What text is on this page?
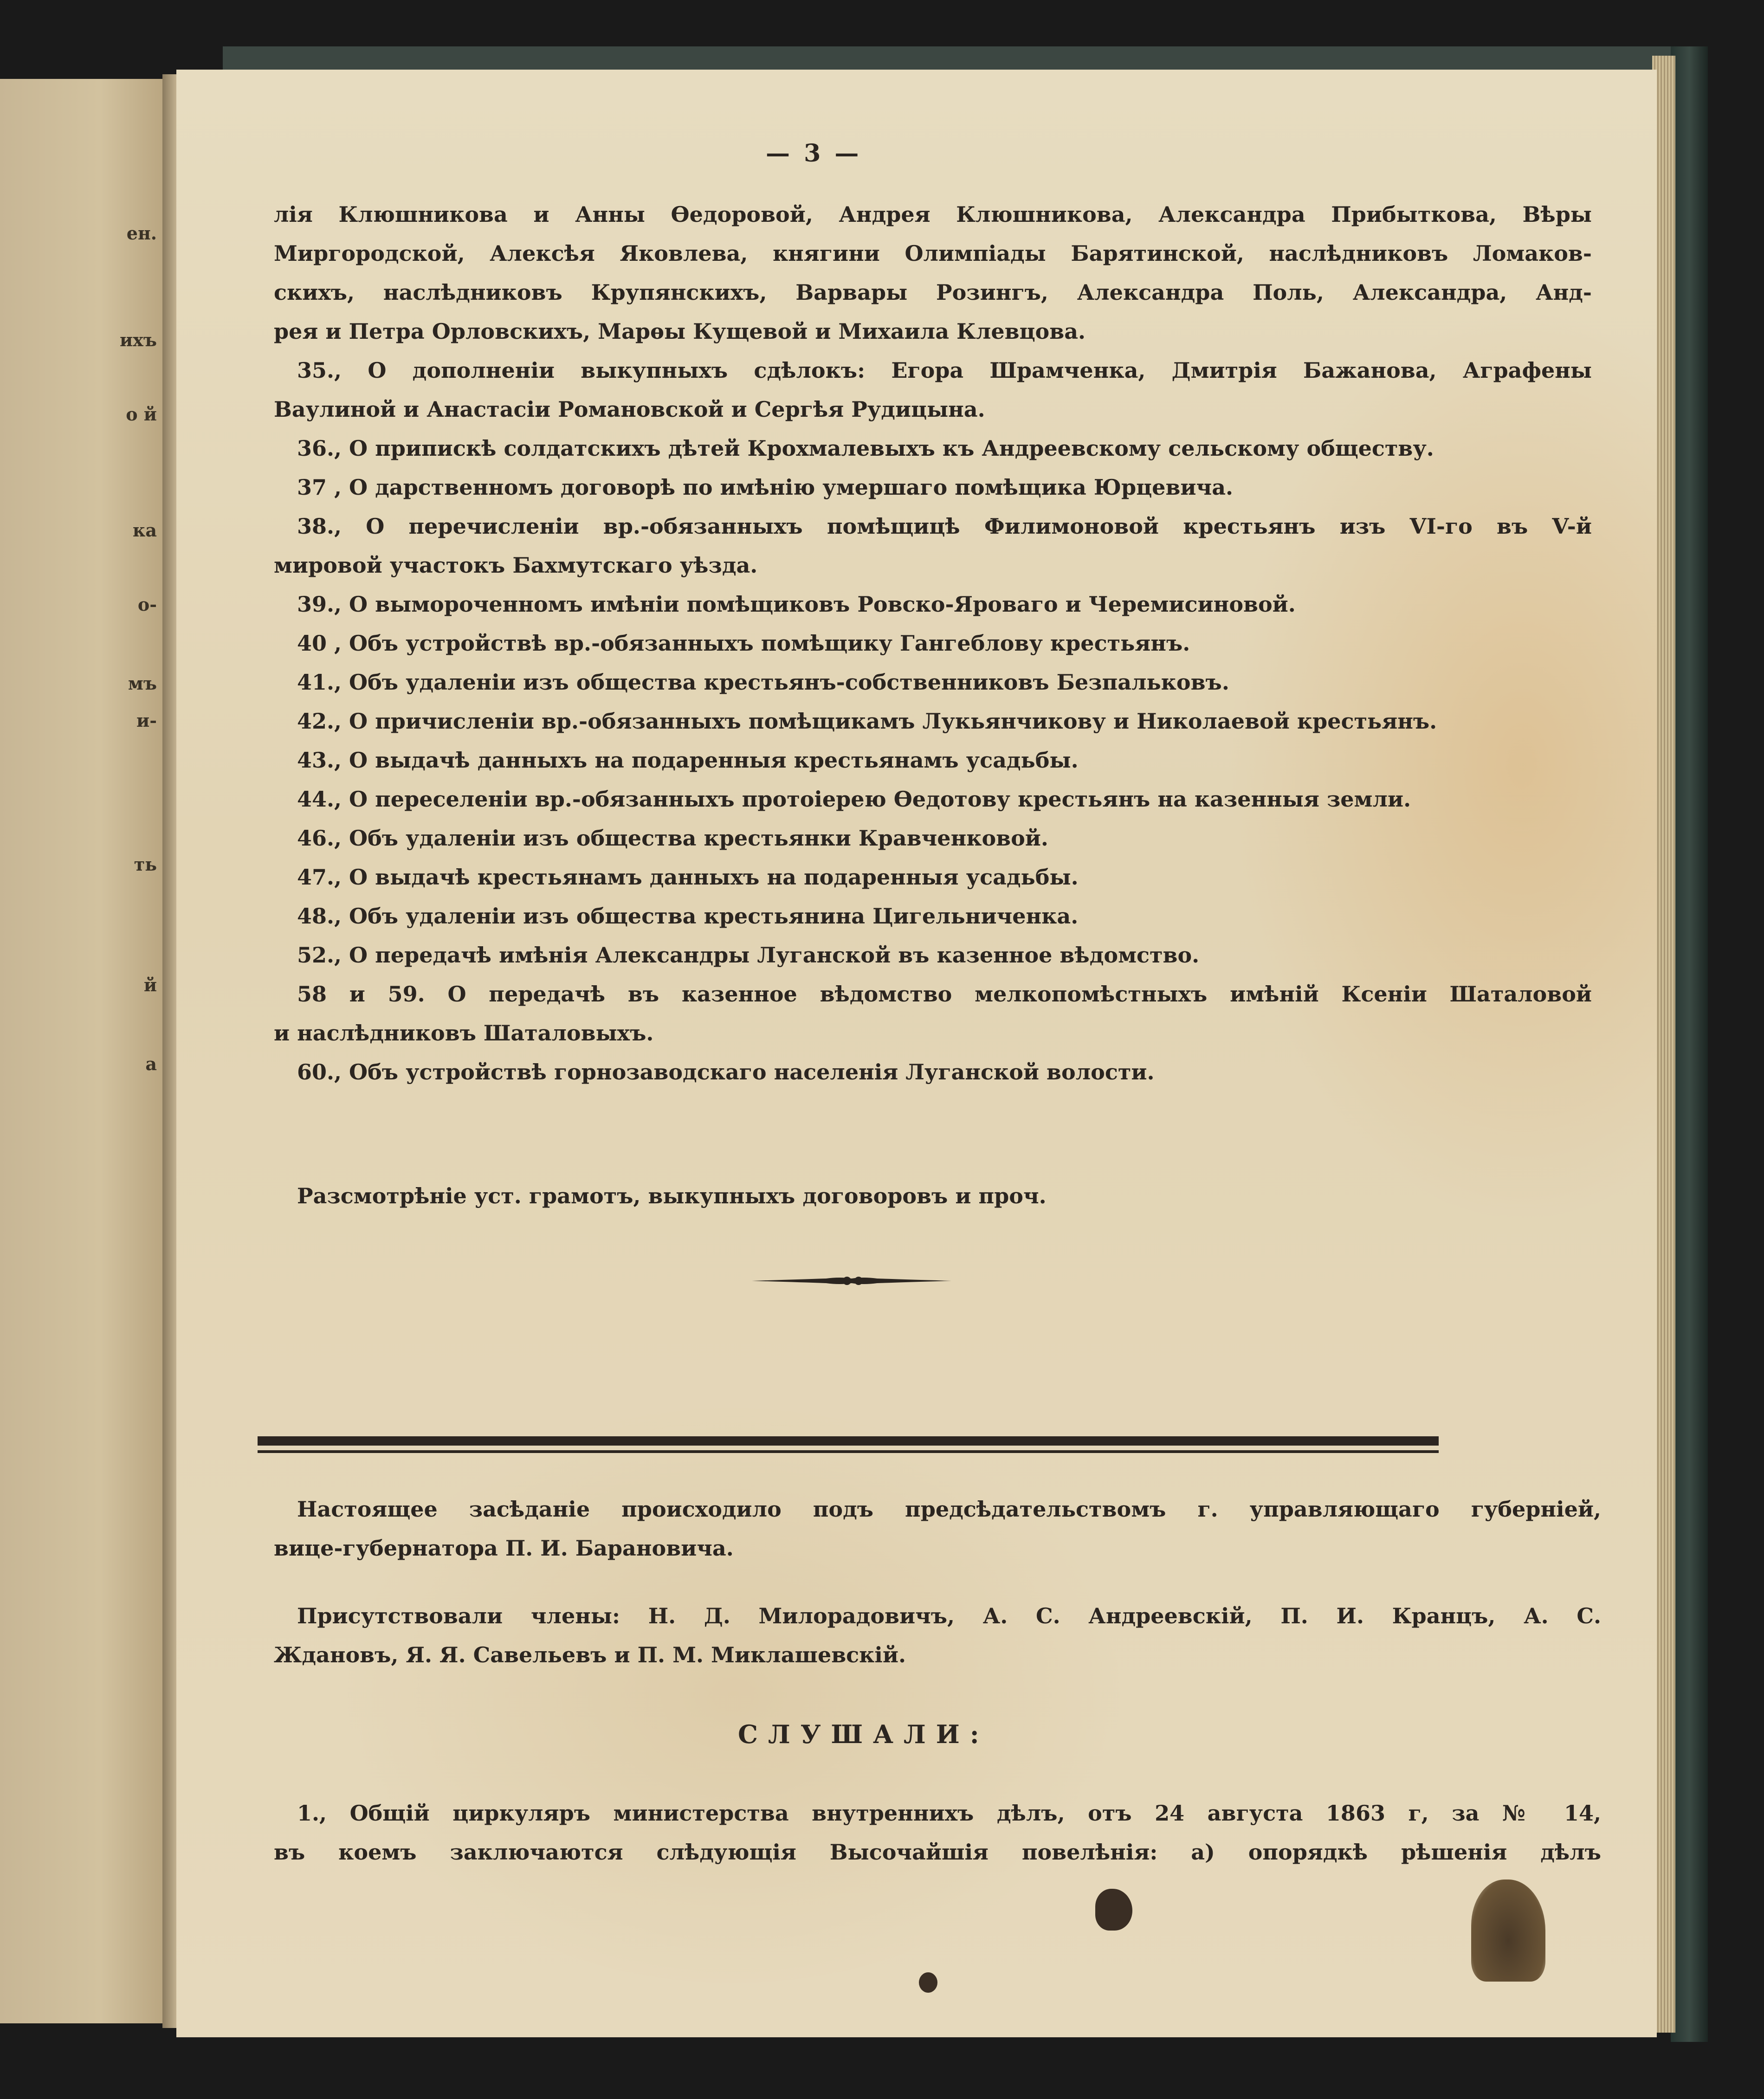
ен.
ихъ
о й
ка
о-
мъ
и-
ть
й
а
— 3 —
лія Клюшникова и Анны Ѳедоровой, Андрея Клюшникова, Александра Прибыткова, Вѣры
Миргородской, Алексѣя Яковлева, княгини Олимпіады Барятинской, наслѣдниковъ Ломаков-
скихъ, наслѣдниковъ Крупянскихъ, Варвары Розингъ, Александра Поль, Александра, Анд-
рея и Петра Орловскихъ, Марѳы Кущевой и Михаила Клевцова.
35., О дополненіи выкупныхъ сдѣлокъ: Егора Шрамченка, Дмитрія Бажанова, Аграфены
Ваулиной и Анастасіи Романовской и Сергѣя Рудицына.
36., О припискѣ солдатскихъ дѣтей Крохмалевыхъ къ Андреевскому сельскому обществу.
37 , О дарственномъ договорѣ по имѣнію умершаго помѣщика Юрцевича.
38., О перечисленіи вр.-обязанныхъ помѣщицѣ Филимоновой крестьянъ изъ VI-го въ V-й
мировой участокъ Бахмутскаго уѣзда.
39., О вымороченномъ имѣніи помѣщиковъ Ровско-Яроваго и Черемисиновой.
40 , Объ устройствѣ вр.-обязанныхъ помѣщику Гангеблову крестьянъ.
41., Объ удаленіи изъ общества крестьянъ-собственниковъ Безпальковъ.
42., О причисленіи вр.-обязанныхъ помѣщикамъ Лукьянчикову и Николаевой крестьянъ.
43., О выдачѣ данныхъ на подаренныя крестьянамъ усадьбы.
44., О переселеніи вр.-обязанныхъ протоіерею Ѳедотову крестьянъ на казенныя земли.
46., Объ удаленіи изъ общества крестьянки Кравченковой.
47., О выдачѣ крестьянамъ данныхъ на подаренныя усадьбы.
48., Объ удаленіи изъ общества крестьянина Цигельниченка.
52., О передачѣ имѣнія Александры Луганской въ казенное вѣдомство.
58 и 59. О передачѣ въ казенное вѣдомство мелкопомѣстныхъ имѣній Ксеніи Шаталовой
и наслѣдниковъ Шаталовыхъ.
60., Объ устройствѣ горнозаводскаго населенія Луганской волости.
Разсмотрѣніе уст. грамотъ, выкупныхъ договоровъ и проч.
Настоящее засѣданіе происходило подъ предсѣдательствомъ г. управляющаго губерніей,
вице-губернатора П. И. Барановича.
Присутствовали члены: Н. Д. Милорадовичъ, А. С. Андреевскій, П. И. Кранцъ, А. С.
Ждановъ, Я. Я. Савельевъ и П. М. Миклашевскій.
СЛУШАЛИ:
1., Общій циркуляръ министерства внутреннихъ дѣлъ, отъ 24 августа 1863 г, за № 14,
въ коемъ заключаются слѣдующія Высочайшія повелѣнія: а) опорядкѣ рѣшенія дѣлъ
